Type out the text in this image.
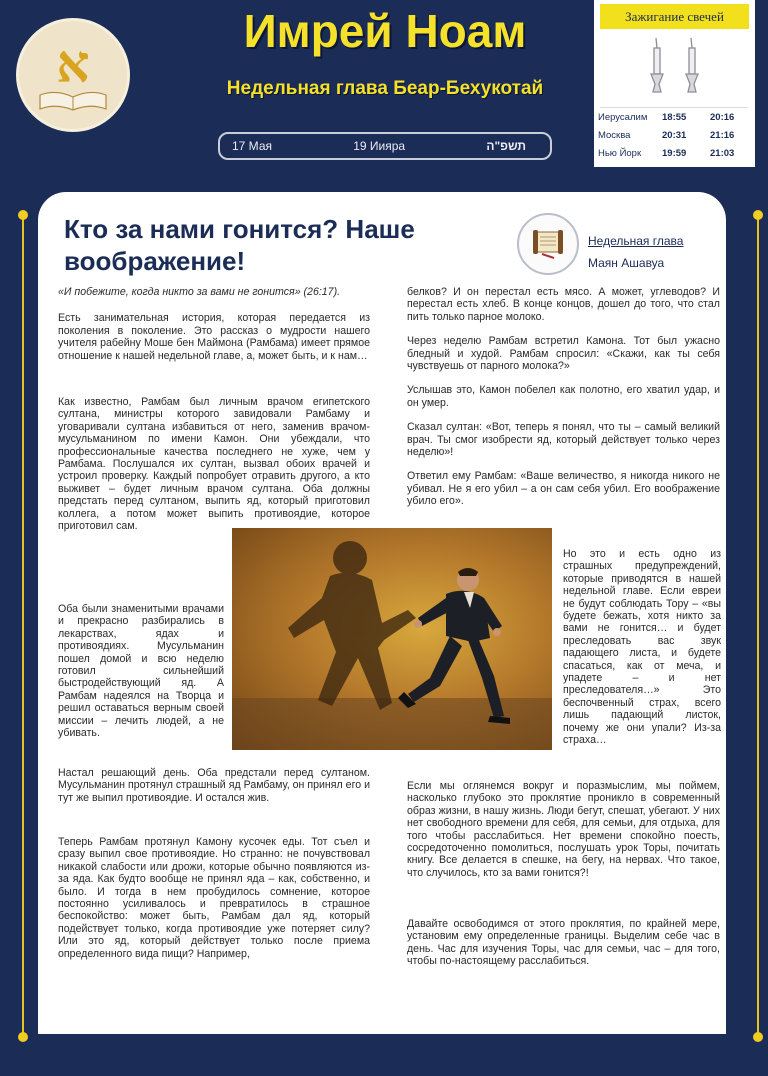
א
Имрей Ноам
Недельная глава Беар-Бехукотай
17 Мая	19 Иияра	תשפ"ה
Зажигание свечей
Иерусалим	18:55	20:16
Москва	20:31	21:16
Нью Йорк	19:59	21:03
Кто за нами гонится? Наше воображение!
Недельная глава
Маян Ашавуа

«И побежите, когда никто за вами не гонится» (26:17).

Есть занимательная история, которая передается из поколения в поколение. Это рассказ о мудрости нашего учителя рабейну Моше бен Маймона (Рамбама) имеет прямое отношение к нашей недельной главе, а, может быть, и к нам…

Как известно, Рамбам был личным врачом египетского султана, министры которого завидовали Рамбаму и уговаривали султана избавиться от него, заменив врачом- мусульманином по имени Камон. Они убеждали, что профессиональные качества последнего не хуже, чем у Рамбама. Послушался их султан, вызвал обоих врачей и устроил проверку. Каждый попробует отравить другого, а кто выживет – будет личным врачом султана. Оба должны предстать перед султаном, выпить яд, который приготовил коллега, а потом может выпить противоядие, которое приготовил сам.
Оба были знаменитыми врачами и прекрасно разбирались в лекарствах, ядах и противоядиях. Мусульманин пошел домой и всю неделю готовил сильнейший быстродействующий яд. А Рамбам надеялся на Творца и решил оставаться верным своей миссии – лечить людей, а не убивать.
Настал решающий день. Оба предстали перед султаном. Мусульманин протянул страшный яд Рамбаму, он принял его и тут же выпил противоядие. И остался жив.
Теперь Рамбам протянул Камону кусочек еды. Тот съел и сразу выпил свое противоядие. Но странно: не почувствовал никакой слабости или дрожи, которые обычно появляются из-за яда. Как будто вообще не принял яда – как, собственно, и было. И тогда в нем пробудилось сомнение, которое постоянно усиливалось и превратилось в страшное беспокойство: может быть, Рамбам дал яд, который подействует только, когда противоядие уже потеряет силу? Или это яд, который действует только после приема определенного вида пищи? Например,

белков? И он перестал есть мясо. А может, углеводов? И перестал есть хлеб. В конце концов, дошел до того, что стал пить только парное молоко.

Через неделю Рамбам встретил Камона. Тот был ужасно бледный и худой. Рамбам спросил: «Скажи, как ты себя чувствуешь от парного молока?»

Услышав это, Камон побелел как полотно, его хватил удар, и он умер.

Сказал султан: «Вот, теперь я понял, что ты – самый великий врач. Ты смог изобрести яд, который действует только через неделю»!

Ответил ему Рамбам: «Ваше величество, я никогда никого не убивал. Не я его убил – а он сам себя убил. Его воображение убило его».

Но это и есть одно из страшных предупреждений, которые приводятся в нашей недельной главе. Если евреи не будут соблюдать Тору – «вы будете бежать, хотя никто за вами не гонится… и будет преследовать вас звук падающего листа, и будете спасаться, как от меча, и упадете – и нет преследователя…» Это беспочвенный страх, всего лишь падающий листок, почему же они упали? Из-за страха…
Если мы оглянемся вокруг и поразмыслим, мы поймем, насколько глубоко это проклятие проникло в современный образ жизни, в нашу жизнь. Люди бегут, спешат, убегают. У них нет свободного времени для себя, для семьи, для отдыха, для того чтобы расслабиться. Нет времени спокойно поесть, сосредоточенно помолиться, послушать урок Торы, почитать книгу. Все делается в спешке, на бегу, на нервах. Что такое, что случилось, кто за вами гонится?!
Давайте освободимся от этого проклятия, по крайней мере, установим ему определенные границы. Выделим себе час в день. Час для изучения Торы, час для семьи, час – для того, чтобы по-настоящему расслабиться.
